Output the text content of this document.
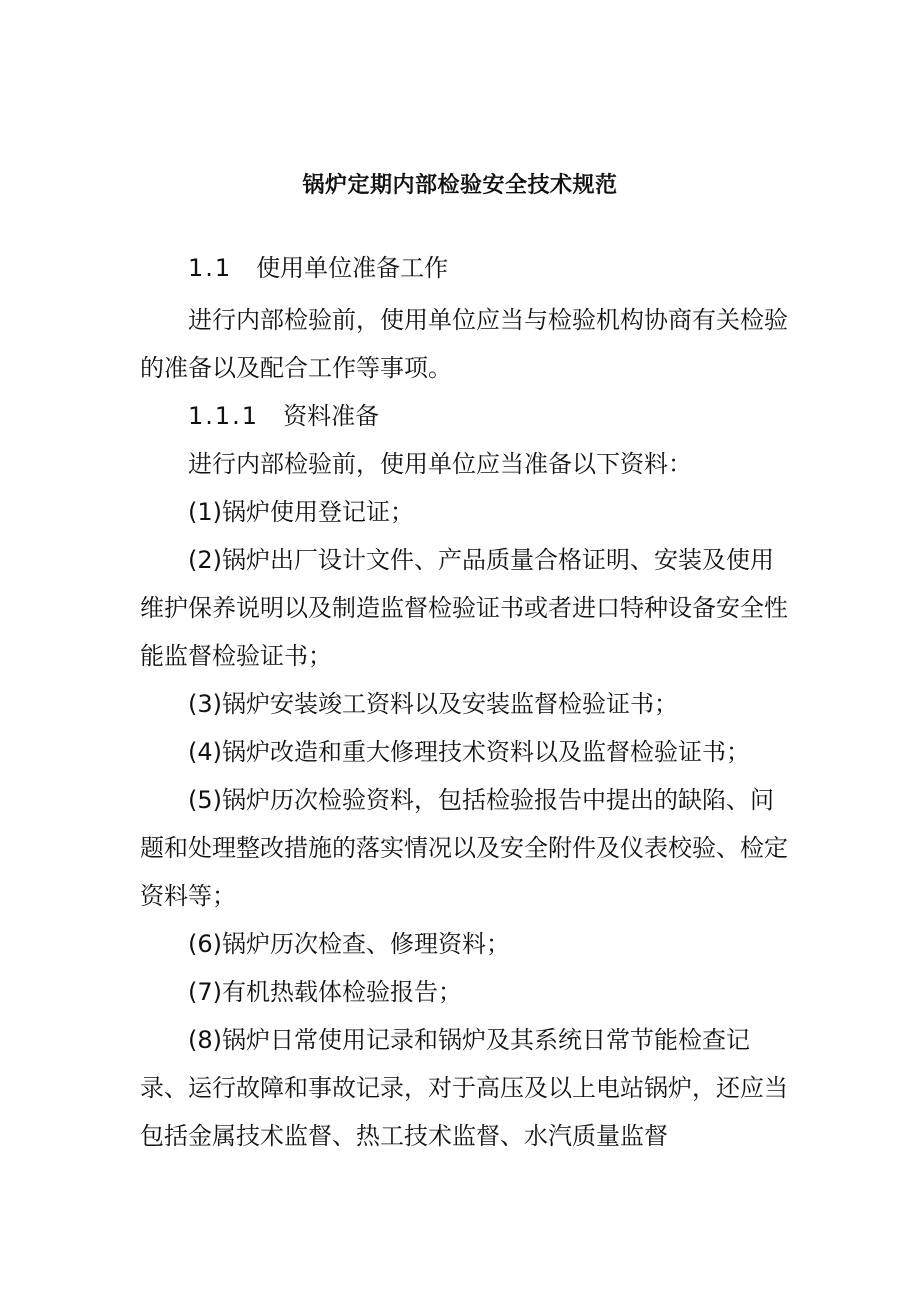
锅炉定期内部检验安全技术规范
1.1 使用单位准备工作

进行内部检验前，使用单位应当与检验机构协商有关检验的准备以及配合工作等事项。

1.1.1 资料准备

进行内部检验前，使用单位应当准备以下资料：

(1)锅炉使用登记证；

(2)锅炉出厂设计文件、产品质量合格证明、安装及使用维护保养说明以及制造监督检验证书或者进口特种设备安全性能监督检验证书；

(3)锅炉安装竣工资料以及安装监督检验证书；

(4)锅炉改造和重大修理技术资料以及监督检验证书；

(5)锅炉历次检验资料，包括检验报告中提出的缺陷、问题和处理整改措施的落实情况以及安全附件及仪表校验、检定资料等；

(6)锅炉历次检查、修理资料；

(7)有机热载体检验报告；

(8)锅炉日常使用记录和锅炉及其系统日常节能检查记录、运行故障和事故记录，对于高压及以上电站锅炉，还应当包括金属技术监督、热工技术监督、水汽质量监督
